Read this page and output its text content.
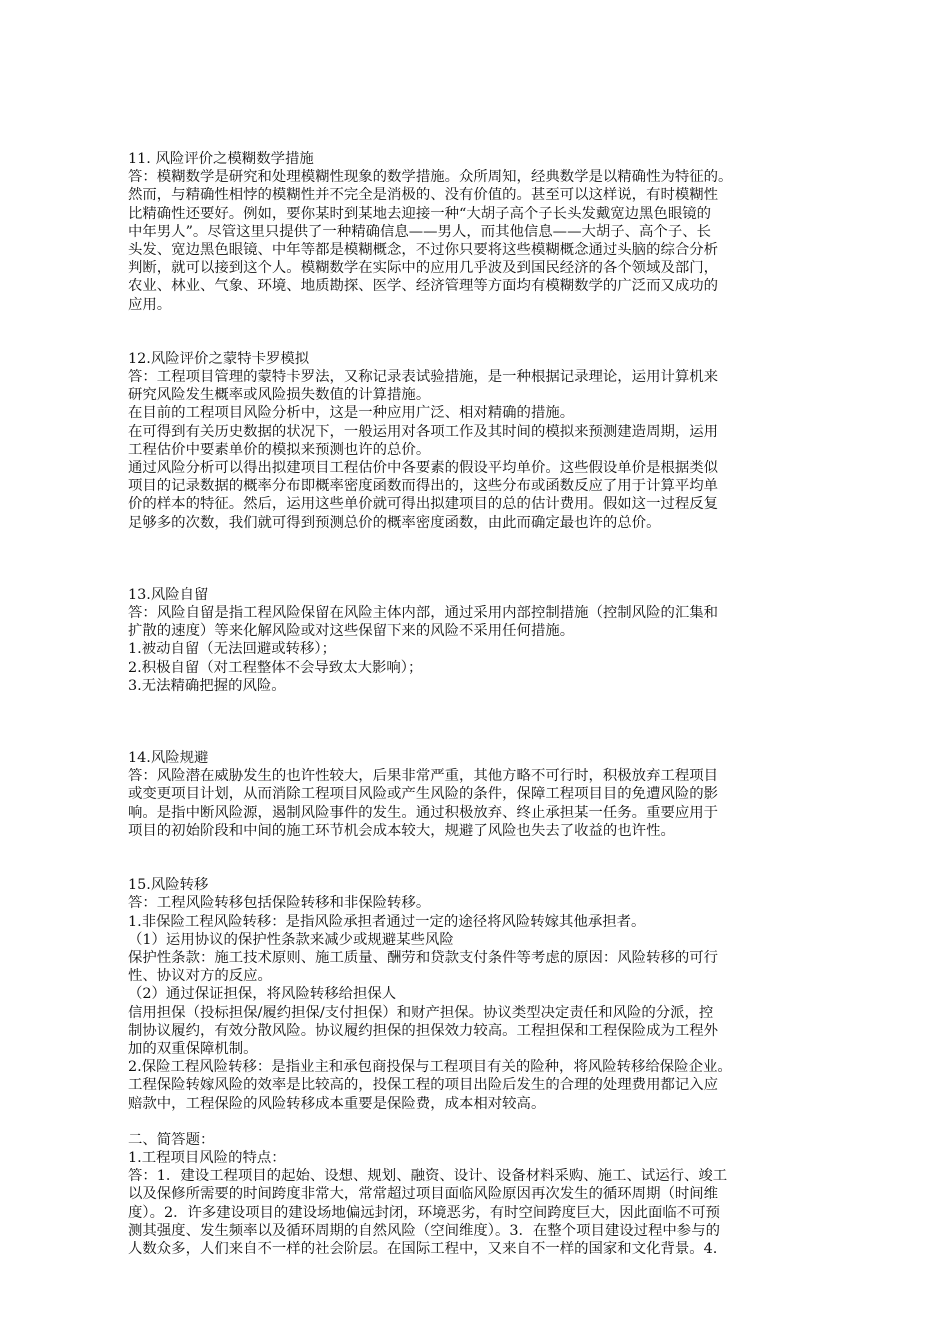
11. 风险评价之模糊数学措施

答：模糊数学是研究和处理模糊性现象的数学措施。众所周知，经典数学是以精确性为特征的。

然而，与精确性相悖的模糊性并不完全是消极的、没有价值的。甚至可以这样说，有时模糊性

比精确性还要好。例如，要你某时到某地去迎接一种“大胡子高个子长头发戴宽边黑色眼镜的

中年男人”。尽管这里只提供了一种精确信息——男人，而其他信息——大胡子、高个子、长

头发、宽边黑色眼镜、中年等都是模糊概念，不过你只要将这些模糊概念通过头脑的综合分析

判断，就可以接到这个人。模糊数学在实际中的应用几乎波及到国民经济的各个领域及部门，

农业、林业、气象、环境、地质勘探、医学、经济管理等方面均有模糊数学的广泛而又成功的

应用。

12.风险评价之蒙特卡罗模拟

答：工程项目管理的蒙特卡罗法，又称记录表试验措施，是一种根据记录理论，运用计算机来

研究风险发生概率或风险损失数值的计算措施。

在目前的工程项目风险分析中，这是一种应用广泛、相对精确的措施。

在可得到有关历史数据的状况下，一般运用对各项工作及其时间的模拟来预测建造周期，运用

工程估价中要素单价的模拟来预测也许的总价。

通过风险分析可以得出拟建项目工程估价中各要素的假设平均单价。这些假设单价是根据类似

项目的记录数据的概率分布即概率密度函数而得出的，这些分布或函数反应了用于计算平均单

价的样本的特征。然后，运用这些单价就可得出拟建项目的总的估计费用。假如这一过程反复

足够多的次数，我们就可得到预测总价的概率密度函数，由此而确定最也许的总价。

13.风险自留

答：风险自留是指工程风险保留在风险主体内部，通过采用内部控制措施（控制风险的汇集和

扩散的速度）等来化解风险或对这些保留下来的风险不采用任何措施。

1.被动自留（无法回避或转移）；

2.积极自留（对工程整体不会导致太大影响）；

3.无法精确把握的风险。

14.风险规避

答：风险潜在威胁发生的也许性较大，后果非常严重，其他方略不可行时，积极放弃工程项目

或变更项目计划，从而消除工程项目风险或产生风险的条件，保障工程项目目的免遭风险的影

响。是指中断风险源，遏制风险事件的发生。通过积极放弃、终止承担某一任务。重要应用于

项目的初始阶段和中间的施工环节机会成本较大，规避了风险也失去了收益的也许性。

15.风险转移

答：工程风险转移包括保险转移和非保险转移。

1.非保险工程风险转移：是指风险承担者通过一定的途径将风险转嫁其他承担者。

（1）运用协议的保护性条款来减少或规避某些风险

保护性条款：施工技术原则、施工质量、酬劳和贷款支付条件等考虑的原因：风险转移的可行

性、协议对方的反应。

（2）通过保证担保，将风险转移给担保人

信用担保（投标担保/履约担保/支付担保）和财产担保。协议类型决定责任和风险的分派，控

制协议履约，有效分散风险。协议履约担保的担保效力较高。工程担保和工程保险成为工程外

加的双重保障机制。

2.保险工程风险转移：是指业主和承包商投保与工程项目有关的险种，将风险转移给保险企业。

工程保险转嫁风险的效率是比较高的，投保工程的项目出险后发生的合理的处理费用都记入应

赔款中，工程保险的风险转移成本重要是保险费，成本相对较高。

二、简答题：

1.工程项目风险的特点：

答：1．建设工程项目的起始、设想、规划、融资、设计、设备材料采购、施工、试运行、竣工

以及保修所需要的时间跨度非常大，常常超过项目面临风险原因再次发生的循环周期（时间维

度）。2．许多建设项目的建设场地偏远封闭，环境恶劣，有时空间跨度巨大，因此面临不可预

测其强度、发生频率以及循环周期的自然风险（空间维度）。3．在整个项目建设过程中参与的

人数众多，人们来自不一样的社会阶层。在国际工程中，又来自不一样的国家和文化背景。4.
